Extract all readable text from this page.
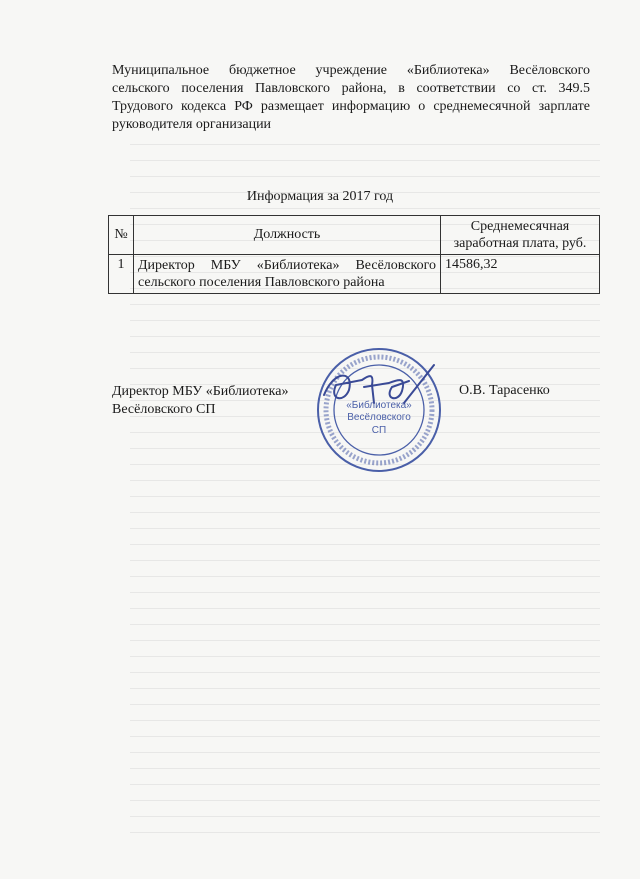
Муниципальное бюджетное учреждение «Библиотека» Весёловского
сельского поселения Павловского района, в соответствии со ст. 349.5
Трудового кодекса РФ размещает информацию о среднемесячной зарплате
руководителя организации

Информация за 2017 год
№	Должность	Среднемесячная заработная плата, руб.
1	Директор МБУ «Библиотека» Весёловского
сельского поселения Павловского района	14586,32
Директор МБУ «Библиотека»
Весёловского СП
О.В. Тарасенко
«Библиотека»
Весёловского
СП
